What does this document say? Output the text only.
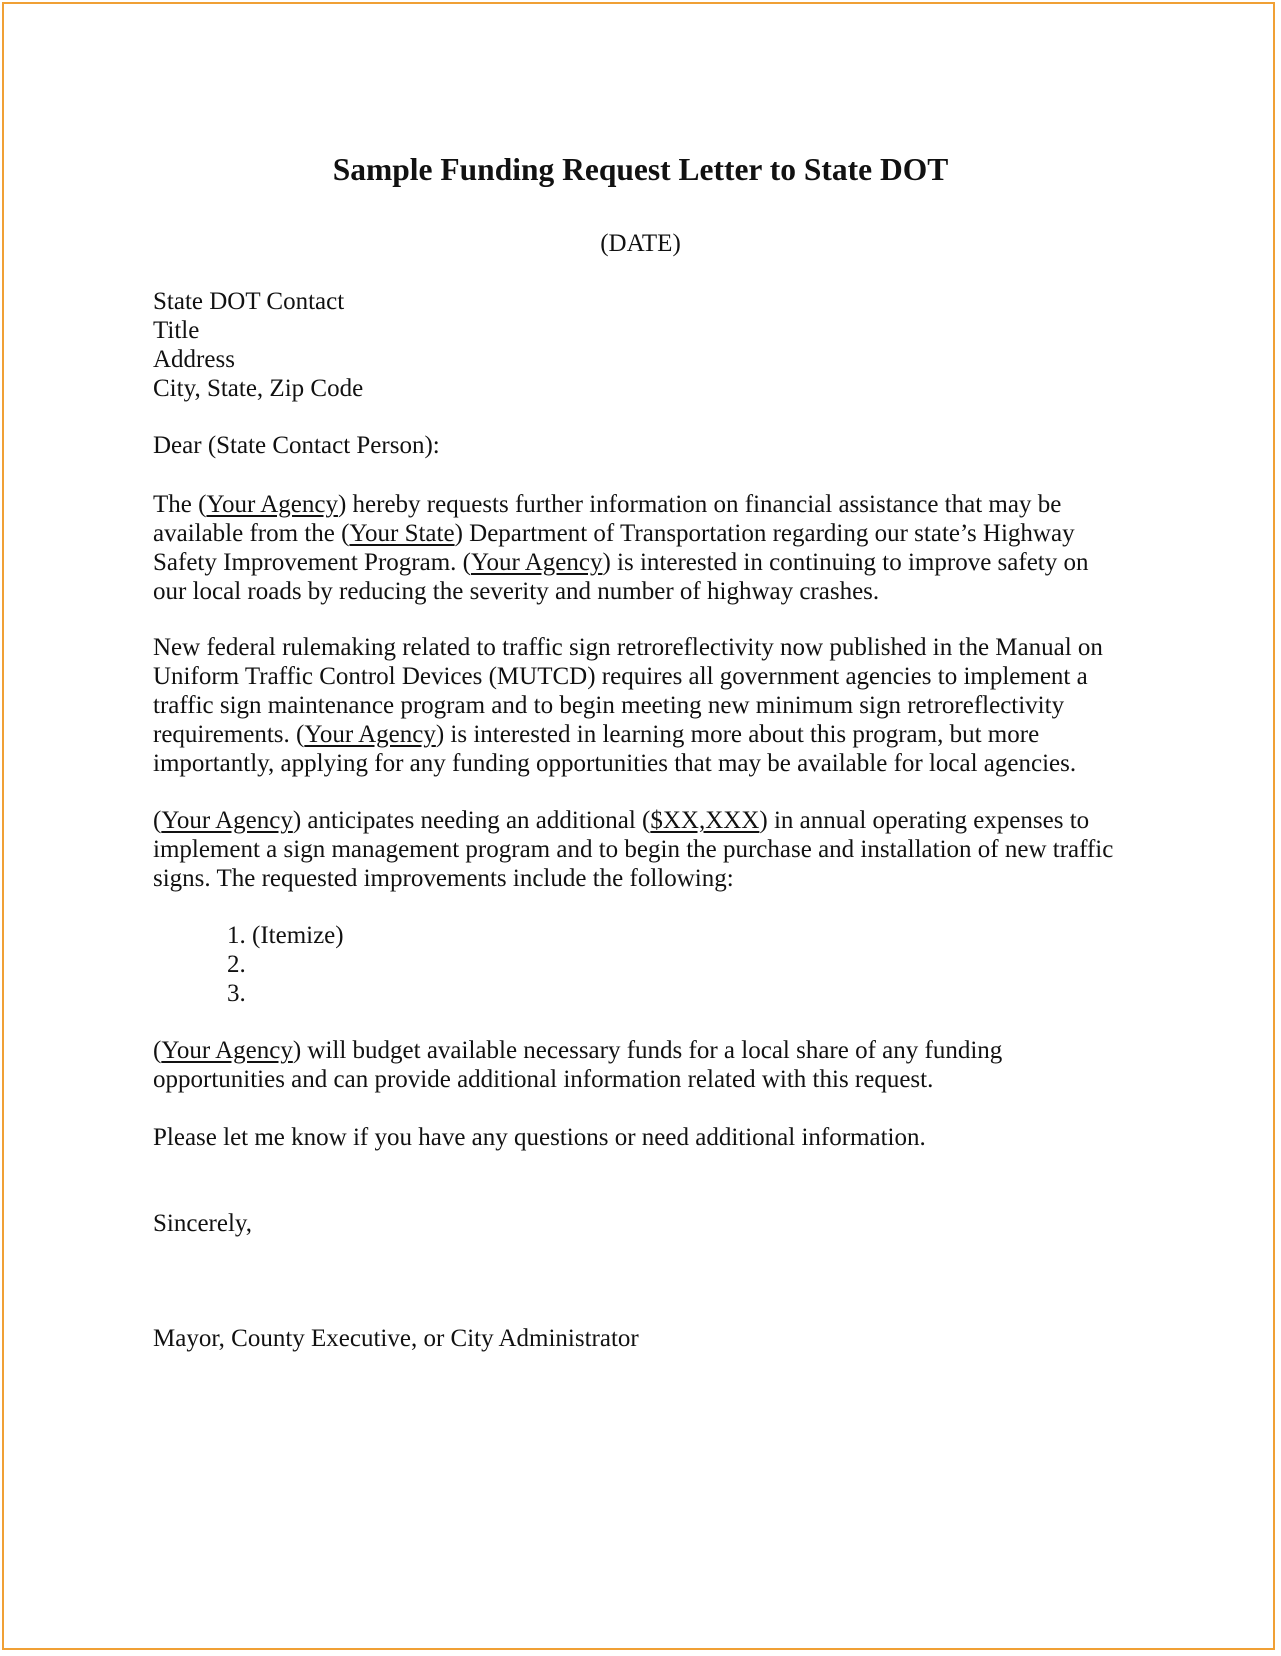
Sample Funding Request Letter to State DOT
(DATE)
State DOT Contact
Title
Address
City, State, Zip Code
Dear (State Contact Person):
The (Your Agency) hereby requests further information on financial assistance that may be
available from the (Your State) Department of Transportation regarding our state’s Highway
Safety Improvement Program. (Your Agency) is interested in continuing to improve safety on
our local roads by reducing the severity and number of highway crashes.
New federal rulemaking related to traffic sign retroreflectivity now published in the Manual on
Uniform Traffic Control Devices (MUTCD) requires all government agencies to implement a
traffic sign maintenance program and to begin meeting new minimum sign retroreflectivity
requirements. (Your Agency) is interested in learning more about this program, but more
importantly, applying for any funding opportunities that may be available for local agencies.
(Your Agency) anticipates needing an additional ($XX,XXX) in annual operating expenses to
implement a sign management program and to begin the purchase and installation of new traffic
signs. The requested improvements include the following:
1. (Itemize)
2.
3.
(Your Agency) will budget available necessary funds for a local share of any funding
opportunities and can provide additional information related with this request.
Please let me know if you have any questions or need additional information.
Sincerely,
Mayor, County Executive, or City Administrator
